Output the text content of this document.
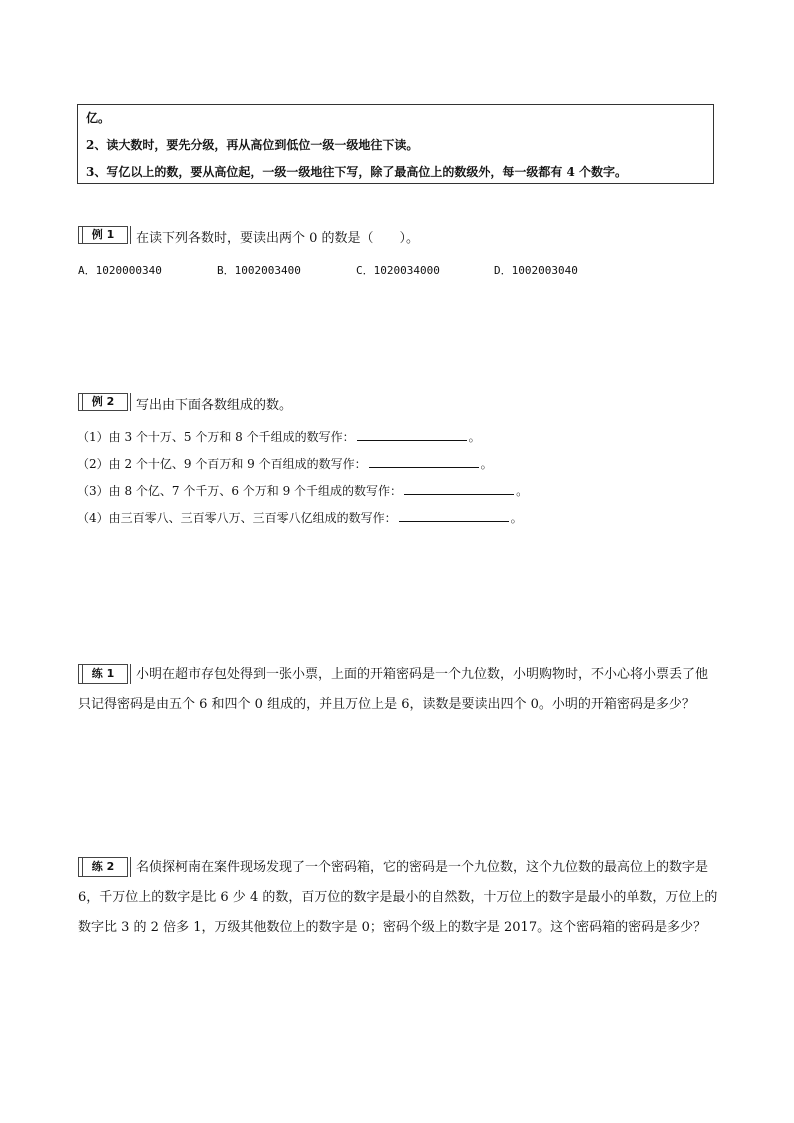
亿。
2、读大数时，要先分级，再从高位到低位一级一级地往下读。
3、写亿以上的数，要从高位起，一级一级地往下写，除了最高位上的数级外，每一级都有 4 个数字。
例 1	在读下列各数时，要读出两个 0 的数是（　　）。
A．1020000340	B．1002003400	C．1020034000	D．1002003040
例 2	写出由下面各数组成的数。
（1）由 3 个十万、5 个万和 8 个千组成的数写作：	。
（2）由 2 个十亿、9 个百万和 9 个百组成的数写作：	。
（3）由 8 个亿、7 个千万、6 个万和 9 个千组成的数写作：	。
（4）由三百零八、三百零八万、三百零八亿组成的数写作：	。
练 1	小明在超市存包处得到一张小票，上面的开箱密码是一个九位数，小明购物时，不小心将小票丢了他只记得密码是由五个 6 和四个 0 组成的，并且万位上是 6，读数是要读出四个 0。小明的开箱密码是多少？
练 2	名侦探柯南在案件现场发现了一个密码箱，它的密码是一个九位数，这个九位数的最高位上的数字是 6，千万位上的数字是比 6 少 4 的数，百万位的数字是最小的自然数，十万位上的数字是最小的单数，万位上的数字比 3 的 2 倍多 1，万级其他数位上的数字是 0；密码个级上的数字是 2017。这个密码箱的密码是多少？
